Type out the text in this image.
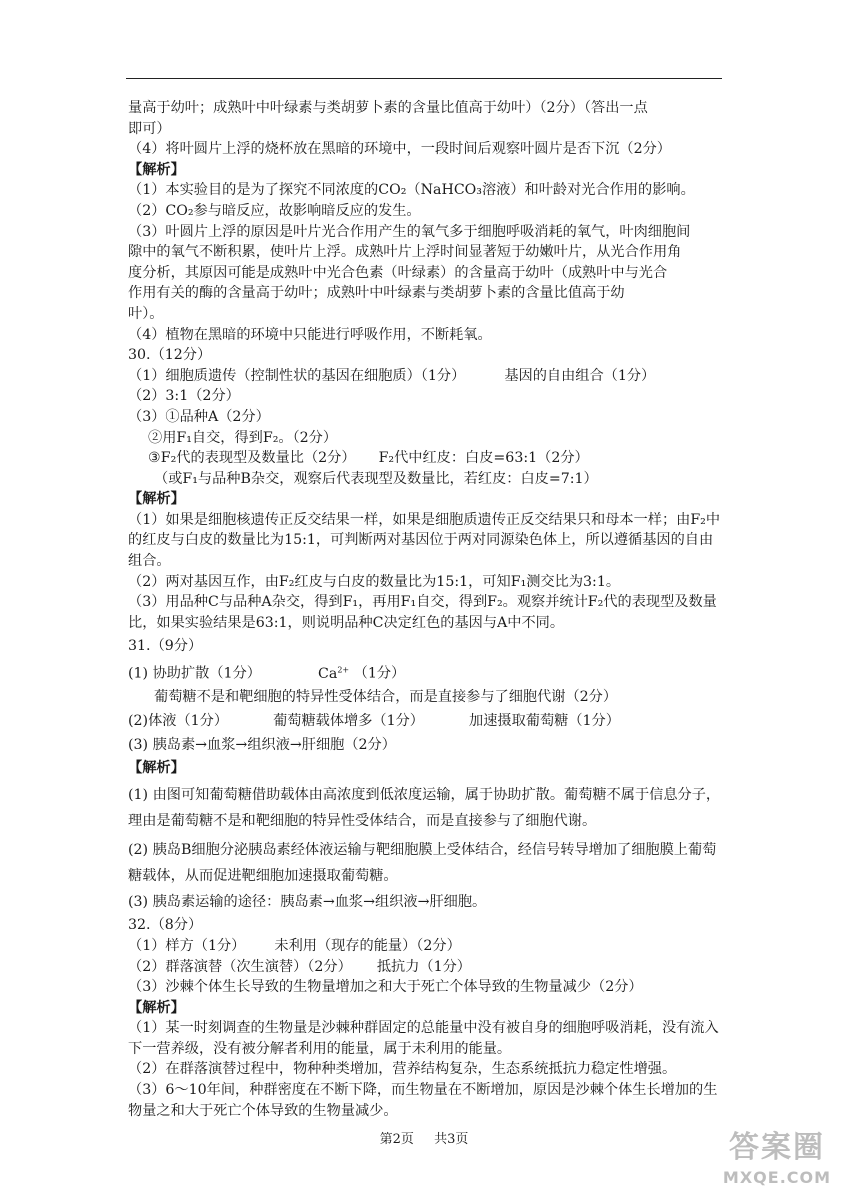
量高于幼叶；成熟叶中叶绿素与类胡萝卜素的含量比值高于幼叶）（2分）（答出一点

即可）

（4）将叶圆片上浮的烧杯放在黑暗的环境中，一段时间后观察叶圆片是否下沉（2分）

【解析】

（1）本实验目的是为了探究不同浓度的CO₂（NaHCO₃溶液）和叶龄对光合作用的影响。

（2）CO₂参与暗反应，故影响暗反应的发生。

（3）叶圆片上浮的原因是叶片光合作用产生的氧气多于细胞呼吸消耗的氧气，叶肉细胞间

隙中的氧气不断积累，使叶片上浮。成熟叶片上浮时间显著短于幼嫩叶片，从光合作用角

度分析，其原因可能是成熟叶中光合色素（叶绿素）的含量高于幼叶（成熟叶中与光合

作用有关的酶的含量高于幼叶；成熟叶中叶绿素与类胡萝卜素的含量比值高于幼

叶）。

（4）植物在黑暗的环境中只能进行呼吸作用，不断耗氧。

30.（12分）

（1）细胞质遗传（控制性状的基因在细胞质）（1分）	基因的自由组合（1分）

（2）3:1（2分）

（3）①品种A（2分）

②用F₁自交，得到F₂。（2分）

③F₂代的表现型及数量比（2分） F₂代中红皮：白皮=63:1（2分）

（或F₁与品种B杂交，观察后代表现型及数量比，若红皮：白皮=7:1）

【解析】

（1）如果是细胞核遗传正反交结果一样，如果是细胞质遗传正反交结果只和母本一样；由F₂中的红皮与白皮的数量比为15:1，可判断两对基因位于两对同源染色体上，所以遵循基因的自由组合。

（2）两对基因互作，由F₂红皮与白皮的数量比为15:1，可知F₁测交比为3:1。

（3）用品种C与品种A杂交，得到F₁，再用F₁自交，得到F₂。观察并统计F₂代的表现型及数量比，如果实验结果是63:1，则说明品种C决定红色的基因与A中不同。

31.（9分）

(1) 协助扩散（1分）	$Ca^{2+}$ （1分）

葡萄糖不是和靶细胞的特异性受体结合，而是直接参与了细胞代谢（2分）

(2)体液（1分）	葡萄糖载体增多（1分）	加速摄取葡萄糖（1分）

(3) 胰岛素→血浆→组织液→肝细胞（2分）

【解析】

(1) 由图可知葡萄糖借助载体由高浓度到低浓度运输，属于协助扩散。葡萄糖不属于信息分子，理由是葡萄糖不是和靶细胞的特异性受体结合，而是直接参与了细胞代谢。

(2) 胰岛B细胞分泌胰岛素经体液运输与靶细胞膜上受体结合，经信号转导增加了细胞膜上葡萄糖载体，从而促进靶细胞加速摄取葡萄糖。

(3) 胰岛素运输的途径：胰岛素→血浆→组织液→肝细胞。

32.（8分）

（1）样方（1分） 未利用（现存的能量）（2分）

（2）群落演替（次生演替）（2分） 抵抗力（1分）

（3）沙棘个体生长导致的生物量增加之和大于死亡个体导致的生物量减少（2分）

【解析】

（1）某一时刻调查的生物量是沙棘种群固定的总能量中没有被自身的细胞呼吸消耗，没有流入下一营养级，没有被分解者利用的能量，属于未利用的能量。

（2）在群落演替过程中，物种种类增加，营养结构复杂，生态系统抵抗力稳定性增强。

（3）6～10年间，种群密度在不断下降，而生物量在不断增加，原因是沙棘个体生长增加的生物量之和大于死亡个体导致的生物量减少。

第2页 共3页	答案圈
MXQE.COM
